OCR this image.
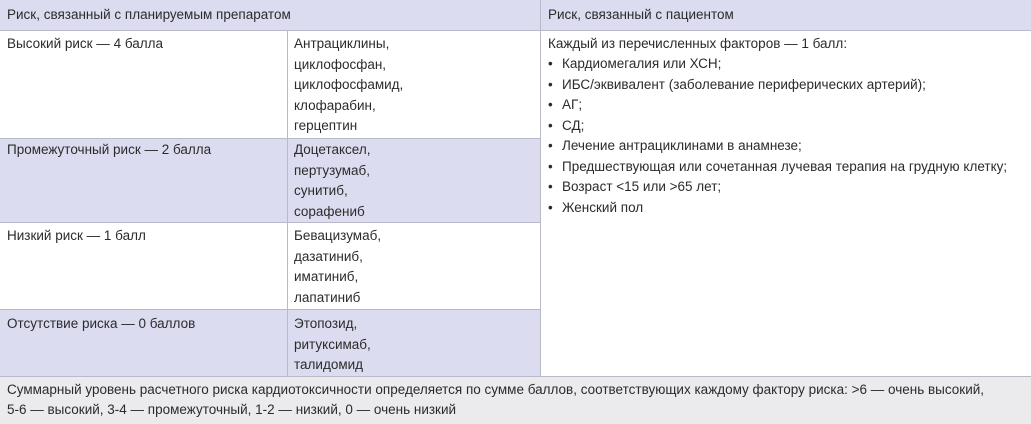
Риск, связанный с планируемым препаратом	Риск, связанный с пациентом
Высокий риск — 4 балла	Антрациклины,
циклофосфан,
циклофосфамид,
клофарабин,
герцептин
Промежуточный риск — 2 балла	Доцетаксел,
пертузумаб,
сунитиб,
сорафениб
Низкий риск — 1 балл	Бевацизумаб,
дазатиниб,
иматиниб,
лапатиниб
Отсутствие риска — 0 баллов	Этопозид,
ритуксимаб,
талидомид
Каждый из перечисленных факторов — 1 балл:
• Кардиомегалия или ХСН;
• ИБС/эквивалент (заболевание периферических артерий);
• АГ;
• СД;
• Лечение антрациклинами в анамнезе;
• Предшествующая или сочетанная лучевая терапия на грудную клетку;
• Возраст <15 или >65 лет;
• Женский пол
Суммарный уровень расчетного риска кардиотоксичности определяется по сумме баллов, соответствующих каждому фактору риска: >6 — очень высокий,
5-6 — высокий, 3-4 — промежуточный, 1-2 — низкий, 0 — очень низкий
